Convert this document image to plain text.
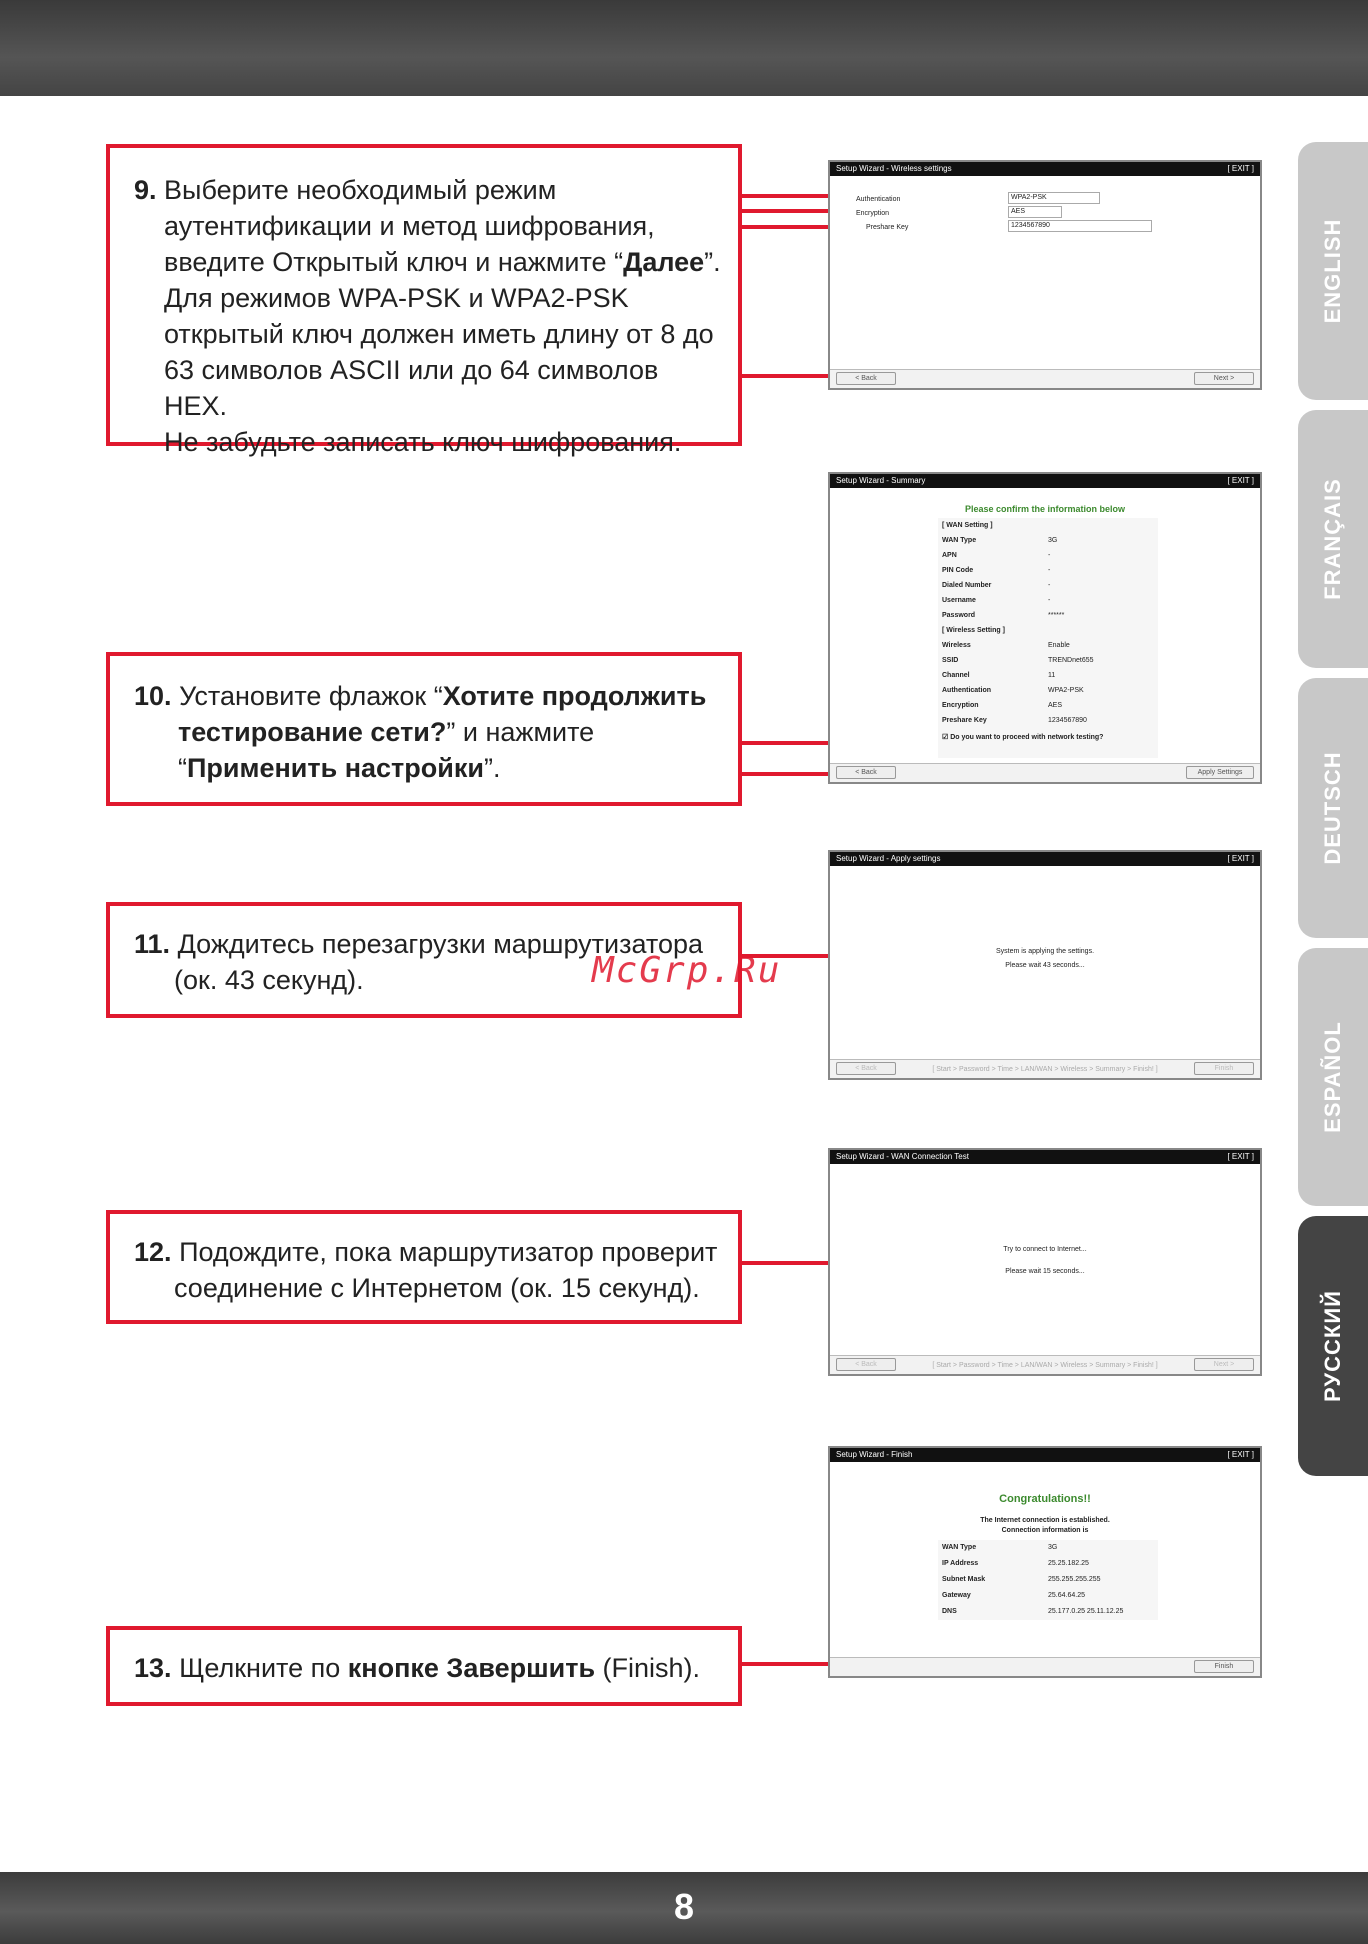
ENGLISH
FRANÇAIS
DEUTSCH
ESPAÑOL
РУССКИЙ
9. Выберите необходимый режим
аутентификации и метод шифрования,
введите Открытый ключ и нажмите “Далее”.
Для режимов WPA-PSK и WPA2-PSK
открытый ключ должен иметь длину от 8 до
63 символов ASCII или до 64 символов HEX.
Не забудьте записать ключ шифрования.
Setup Wizard - Wireless settings	[ EXIT ]
Authentication	WPA2-PSK
Encryption	AES
Preshare Key	1234567890
< Back	Next >
10. Установите флажок “Хотите продолжить
тестирование сети?” и нажмите
“Применить настройки”.
Setup Wizard - Summary	[ EXIT ]
Please confirm the information below
[ WAN Setting ]
WAN Type	3G
APN	-
PIN Code	-
Dialed Number	-
Username	-
Password	******
[ Wireless Setting ]
Wireless	Enable
SSID	TRENDnet655
Channel	11
Authentication	WPA2-PSK
Encryption	AES
Preshare Key	1234567890
☑ Do you want to proceed with network testing?
< Back	Apply Settings
11. Дождитесь перезагрузки маршрутизатора
(ок. 43 секунд).
Setup Wizard - Apply settings	[ EXIT ]
System is applying the settings.
Please wait 43 seconds...
< Back	[ Start > Password > Time > LAN/WAN > Wireless > Summary > Finish! ]	Finish
12. Подождите, пока маршрутизатор проверит
соединение с Интернетом (ок. 15 секунд).
Setup Wizard - WAN Connection Test	[ EXIT ]
Try to connect to Internet...
Please wait 15 seconds...
< Back	[ Start > Password > Time > LAN/WAN > Wireless > Summary > Finish! ]	Next >
13. Щелкните по кнопке Завершить (Finish).
Setup Wizard - Finish	[ EXIT ]
Congratulations!!
The Internet connection is established.
Connection information is
WAN Type	3G
IP Address	25.25.182.25
Subnet Mask	255.255.255.255
Gateway	25.64.64.25
DNS	25.177.0.25 25.11.12.25
Finish
McGrp.Ru
8
